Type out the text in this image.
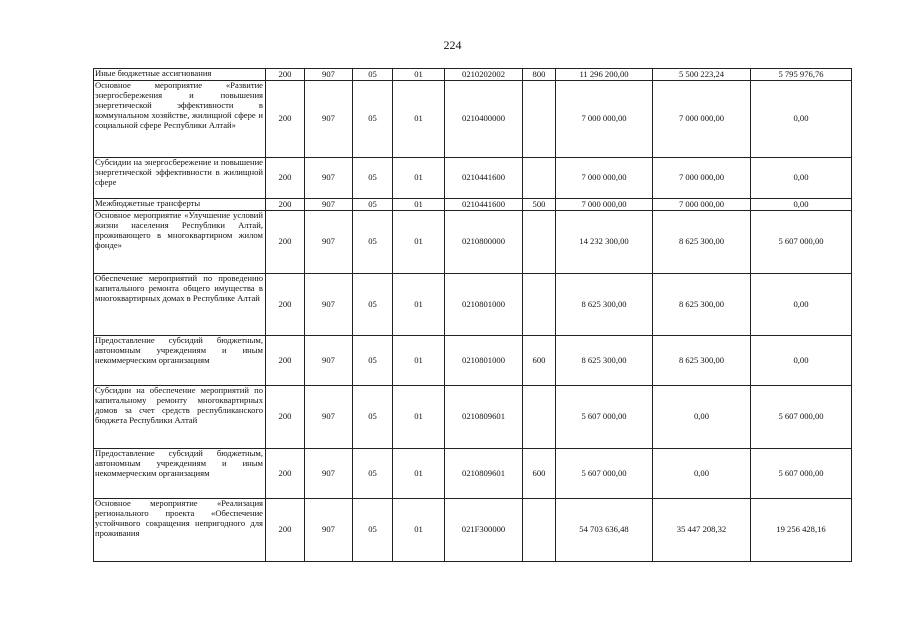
224
Иные бюджетные ассигнования	200	907	05	01	0210202002	800	11 296 200,00	5 500 223,24	5 795 976,76
Основное мероприятие «Развитие энергосбережения и повышения энергетической эффективности в коммунальном хозяйстве, жилищной сфере и социальной сфере Республики Алтай»	200	907	05	01	0210400000		7 000 000,00	7 000 000,00	0,00
Субсидии на энергосбережение и повышение энергетической эффективности в жилищной сфере	200	907	05	01	0210441600		7 000 000,00	7 000 000,00	0,00
Межбюджетные трансферты	200	907	05	01	0210441600	500	7 000 000,00	7 000 000,00	0,00
Основное мероприятие «Улучшение условий жизни населения Республики Алтай, проживающего в многоквартирном жилом фонде»	200	907	05	01	0210800000		14 232 300,00	8 625 300,00	5 607 000,00
Обеспечение мероприятий по проведению капитального ремонта общего имущества в многоквартирных домах в Республике Алтай	200	907	05	01	0210801000		8 625 300,00	8 625 300,00	0,00
Предоставление субсидий бюджетным, автономным учреждениям и иным некоммерческим организациям	200	907	05	01	0210801000	600	8 625 300,00	8 625 300,00	0,00
Субсидии на обеспечение мероприятий по капитальному ремонту многоквартирных домов за счет средств республиканского бюджета Республики Алтай	200	907	05	01	0210809601		5 607 000,00	0,00	5 607 000,00
Предоставление субсидий бюджетным, автономным учреждениям и иным некоммерческим организациям	200	907	05	01	0210809601	600	5 607 000,00	0,00	5 607 000,00
Основное мероприятие «Реализация регионального проекта «Обеспечение устойчивого сокращения непригодного для проживания	200	907	05	01	021F300000		54 703 636,48	35 447 208,32	19 256 428,16
